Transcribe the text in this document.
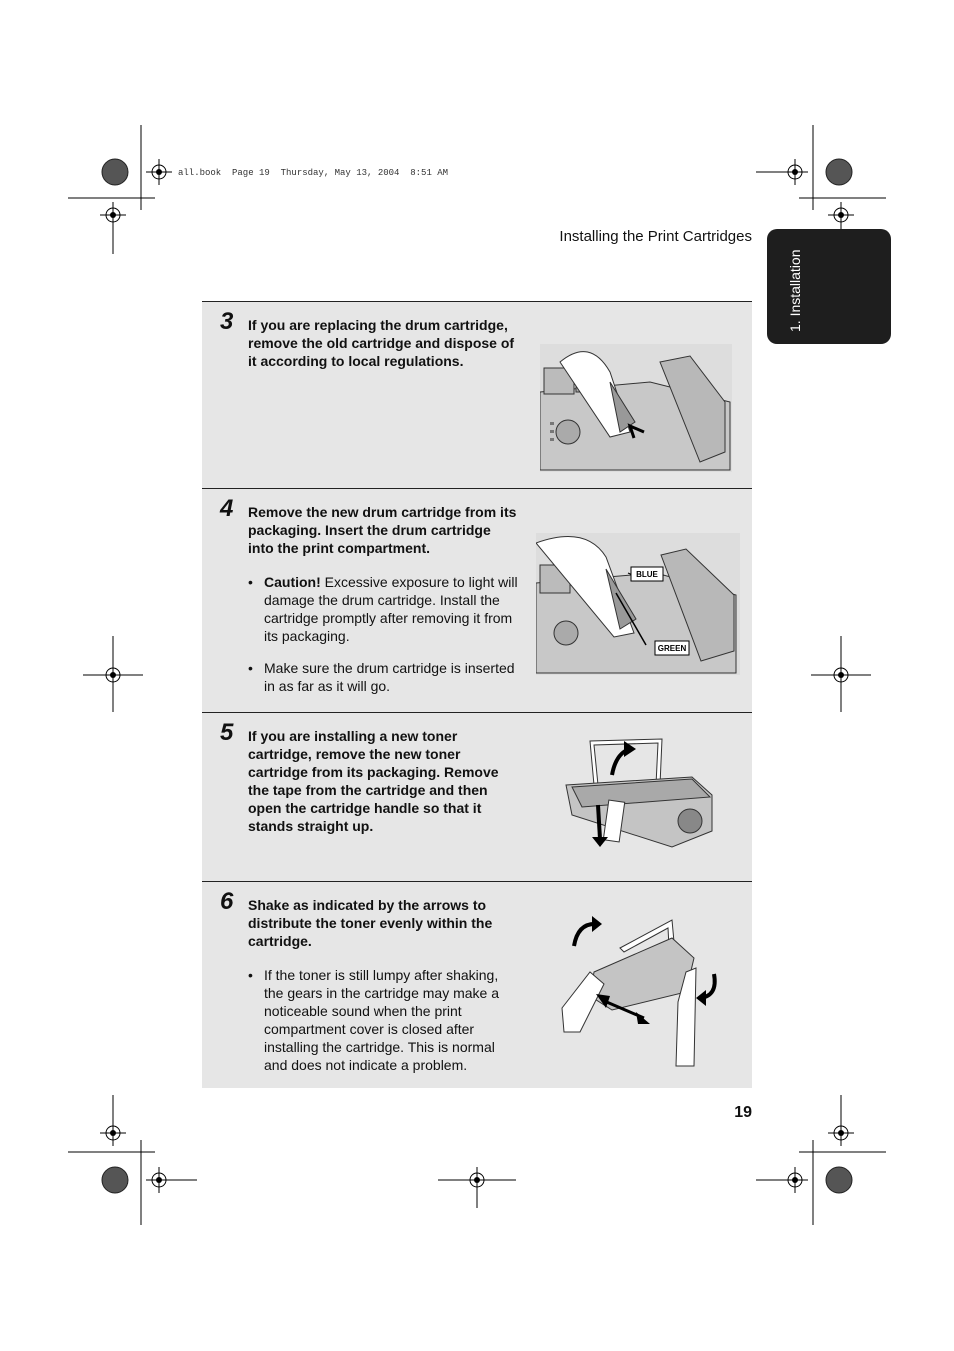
all.book  Page 19  Thursday, May 13, 2004  8:51 AM
Installing the Print Cartridges
1. Installation
3 If you are replacing the drum cartridge, remove the old cartridge and dispose of it according to local regulations.
4 Remove the new drum cartridge from its packaging. Insert the drum cartridge into the print compartment.
• Caution! Excessive exposure to light will damage the drum cartridge. Install the cartridge promptly after removing it from its packaging.
• Make sure the drum cartridge is inserted in as far as it will go.
BLUE
GREEN
5 If you are installing a new toner cartridge, remove the new toner cartridge from its packaging. Remove the tape from the cartridge and then open the cartridge handle so that it stands straight up.
6 Shake as indicated by the arrows to distribute the toner evenly within the cartridge.
• If the toner is still lumpy after shaking, the gears in the cartridge may make a noticeable sound when the print compartment cover is closed after installing the cartridge. This is normal and does not indicate a problem.
19
